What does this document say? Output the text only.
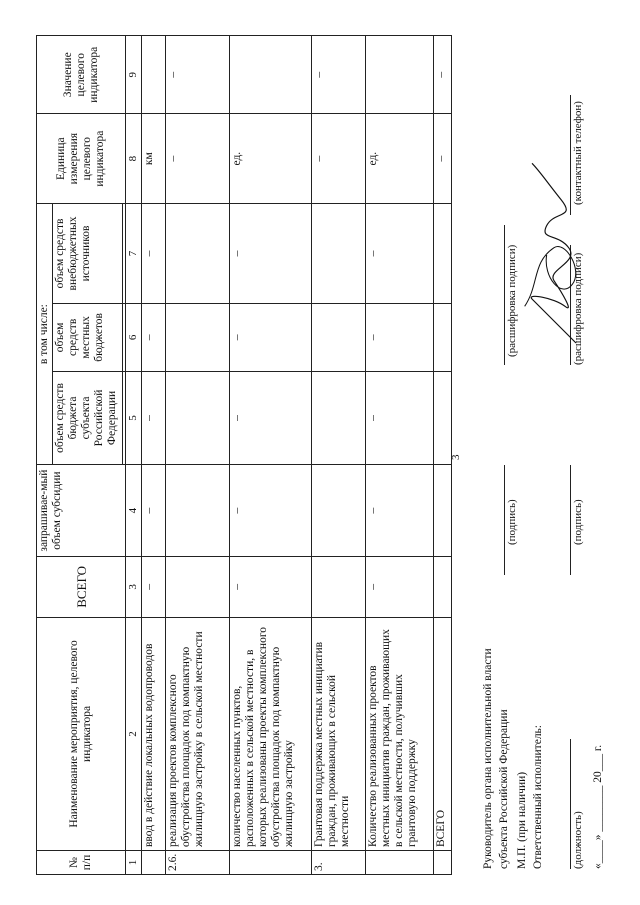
3
№ п/п	Наименование мероприятия, целевого индикатора	ВСЕГО	запрашивае-мый объем субсидии	в том числе:			Единица измерения целевого индикатора	Значение целевого индикатора
				объем средств бюджета субъекта Российской Федерации	объем средств местных бюджетов	объем средств внебюджетных источников		

1	2	3	4	5	6	7	8	9
	ввод в действие локальных водопроводов	–	–	–	–	–	км	
2.6.	реализация проектов комплексного обустройства площадок под компактную жилищную застройку в сельской местности						–	–
	количество населенных пунктов, расположенных в сельской местности, в которых реализованы проекты комплексного обустройства площадок под компактную жилищную застройку	–	–	–	–	–	ед.	
3.	Грантовая поддержка местных инициатив граждан, проживающих в сельской местности						–	–
	Количество реализованных проектов местных инициатив граждан, проживающих в сельской местности, получивших грантовую поддержку	–	–	–	–	–	ед.	
	ВСЕГО						–	–
Руководитель органа исполнительной власти субъекта Российской Федерации М.П. (при наличии) Ответственный исполнитель:
(подпись)
(расшифровка подписи)
(должность)
(подпись)
(расшифровка подписи)
(контактный телефон)
«____» ________ 20___ г.
